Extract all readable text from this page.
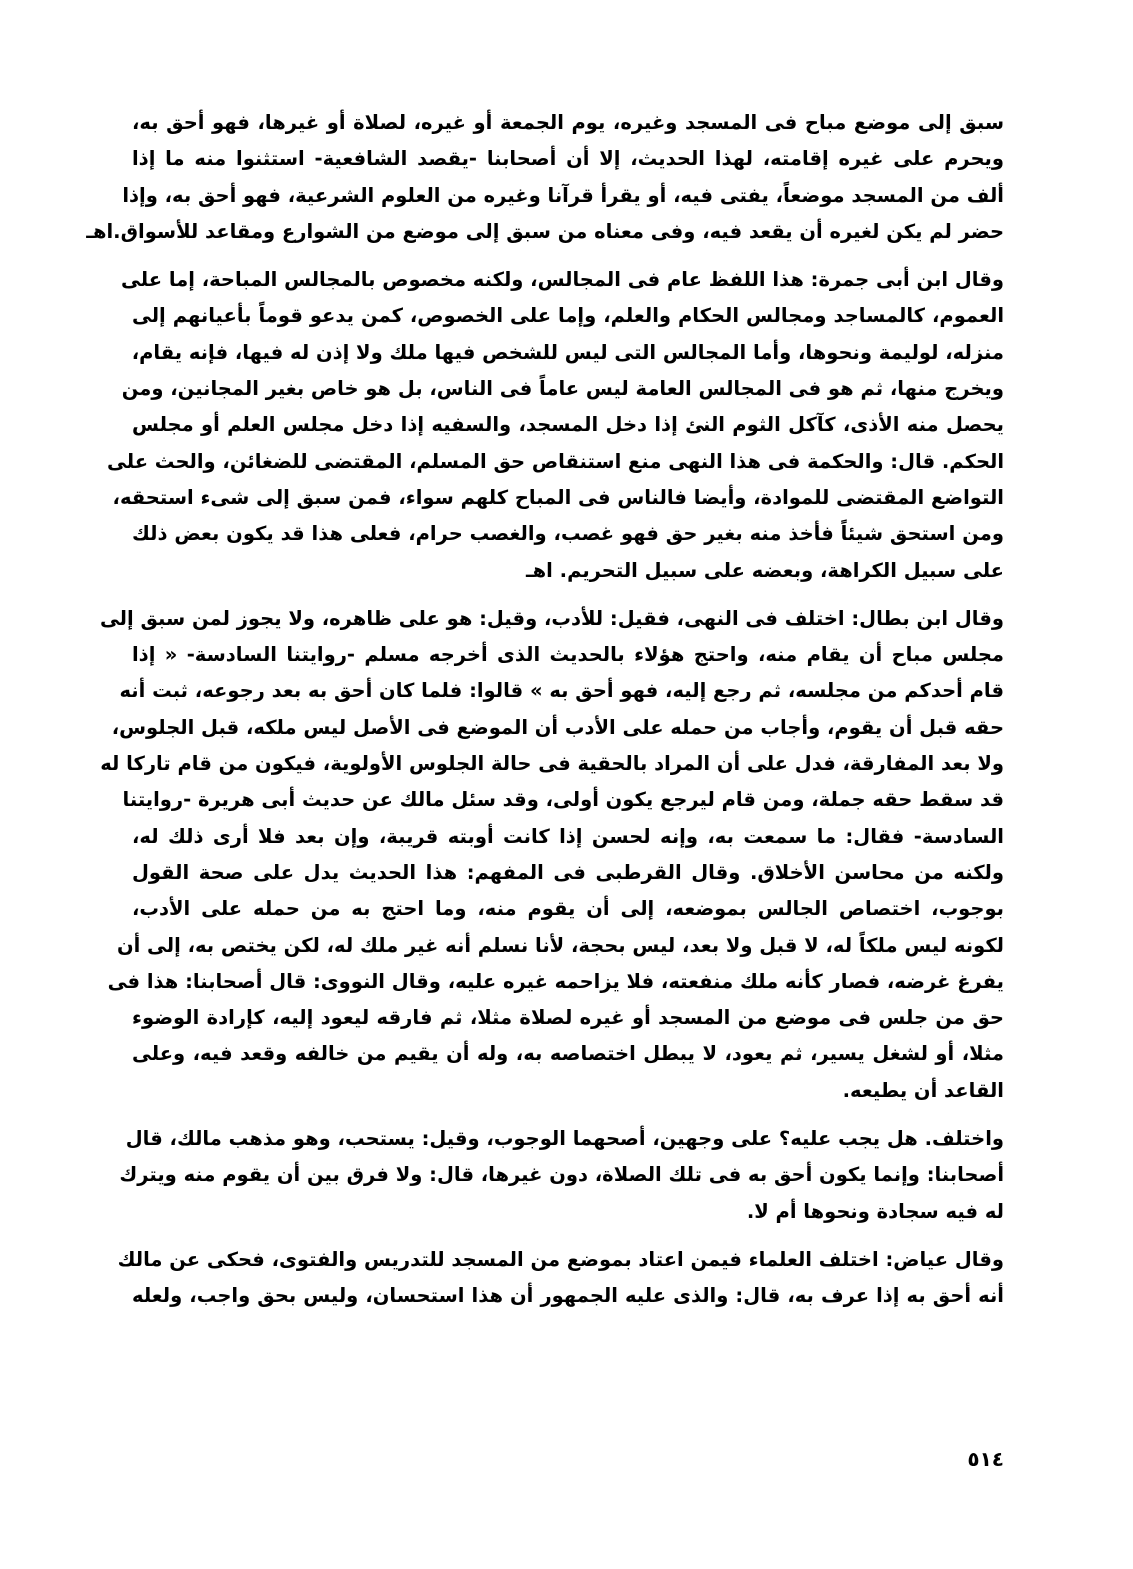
سبق إلى موضع مباح فى المسجد وغيره، يوم الجمعة أو غيره، لصلاة أو غيرها، فهو أحق به،
ويحرم على غيره إقامته، لهذا الحديث، إلا أن أصحابنا -يقصد الشافعية- استثنوا منه ما إذا
ألف من المسجد موضعاً، يفتى فيه، أو يقرأ قرآنا وغيره من العلوم الشرعية، فهو أحق به، وإذا
حضر لم يكن لغيره أن يقعد فيه، وفى معناه من سبق إلى موضع من الشوارع ومقاعد للأسواق.اهـ
وقال ابن أبى جمرة: هذا اللفظ عام فى المجالس، ولكنه مخصوص بالمجالس المباحة، إما على
العموم، كالمساجد ومجالس الحكام والعلم، وإما على الخصوص، كمن يدعو قوماً بأعيانهم إلى
منزله، لوليمة ونحوها، وأما المجالس التى ليس للشخص فيها ملك ولا إذن له فيها، فإنه يقام،
ويخرج منها، ثم هو فى المجالس العامة ليس عاماً فى الناس، بل هو خاص بغير المجانين، ومن
يحصل منه الأذى، كآكل الثوم النئ إذا دخل المسجد، والسفيه إذا دخل مجلس العلم أو مجلس
الحكم. قال: والحكمة فى هذا النهى منع استنقاص حق المسلم، المقتضى للضغائن، والحث على
التواضع المقتضى للموادة، وأيضا فالناس فى المباح كلهم سواء، فمن سبق إلى شىء استحقه،
ومن استحق شيئاً فأخذ منه بغير حق فهو غصب، والغصب حرام، فعلى هذا قد يكون بعض ذلك
على سبيل الكراهة، وبعضه على سبيل التحريم. اهـ
وقال ابن بطال: اختلف فى النهى، فقيل: للأدب، وقيل: هو على ظاهره، ولا يجوز لمن سبق إلى
مجلس مباح أن يقام منه، واحتج هؤلاء بالحديث الذى أخرجه مسلم -روايتنا السادسة- « إذا
قام أحدكم من مجلسه، ثم رجع إليه، فهو أحق به » قالوا: فلما كان أحق به بعد رجوعه، ثبت أنه
حقه قبل أن يقوم، وأجاب من حمله على الأدب أن الموضع فى الأصل ليس ملكه، قبل الجلوس،
ولا بعد المفارقة، فدل على أن المراد بالحقية فى حالة الجلوس الأولوية، فيكون من قام تاركا له
قد سقط حقه جملة، ومن قام ليرجع يكون أولى، وقد سئل مالك عن حديث أبى هريرة -روايتنا
السادسة- فقال: ما سمعت به، وإنه لحسن إذا كانت أوبته قريبة، وإن بعد فلا أرى ذلك له،
ولكنه من محاسن الأخلاق. وقال القرطبى فى المفهم: هذا الحديث يدل على صحة القول
بوجوب، اختصاص الجالس بموضعه، إلى أن يقوم منه، وما احتج به من حمله على الأدب،
لكونه ليس ملكاً له، لا قبل ولا بعد، ليس بحجة، لأنا نسلم أنه غير ملك له، لكن يختص به، إلى أن
يفرغ غرضه، فصار كأنه ملك منفعته، فلا يزاحمه غيره عليه، وقال النووى: قال أصحابنا: هذا فى
حق من جلس فى موضع من المسجد أو غيره لصلاة مثلا، ثم فارقه ليعود إليه، كإرادة الوضوء
مثلا، أو لشغل يسير، ثم يعود، لا يبطل اختصاصه به، وله أن يقيم من خالفه وقعد فيه، وعلى
القاعد أن يطيعه.
واختلف. هل يجب عليه؟ على وجهين، أصحهما الوجوب، وقيل: يستحب، وهو مذهب مالك، قال
أصحابنا: وإنما يكون أحق به فى تلك الصلاة، دون غيرها، قال: ولا فرق بين أن يقوم منه ويترك
له فيه سجادة ونحوها أم لا.
وقال عياض: اختلف العلماء فيمن اعتاد بموضع من المسجد للتدريس والفتوى، فحكى عن مالك
أنه أحق به إذا عرف به، قال: والذى عليه الجمهور أن هذا استحسان، وليس بحق واجب، ولعله
٥١٤
